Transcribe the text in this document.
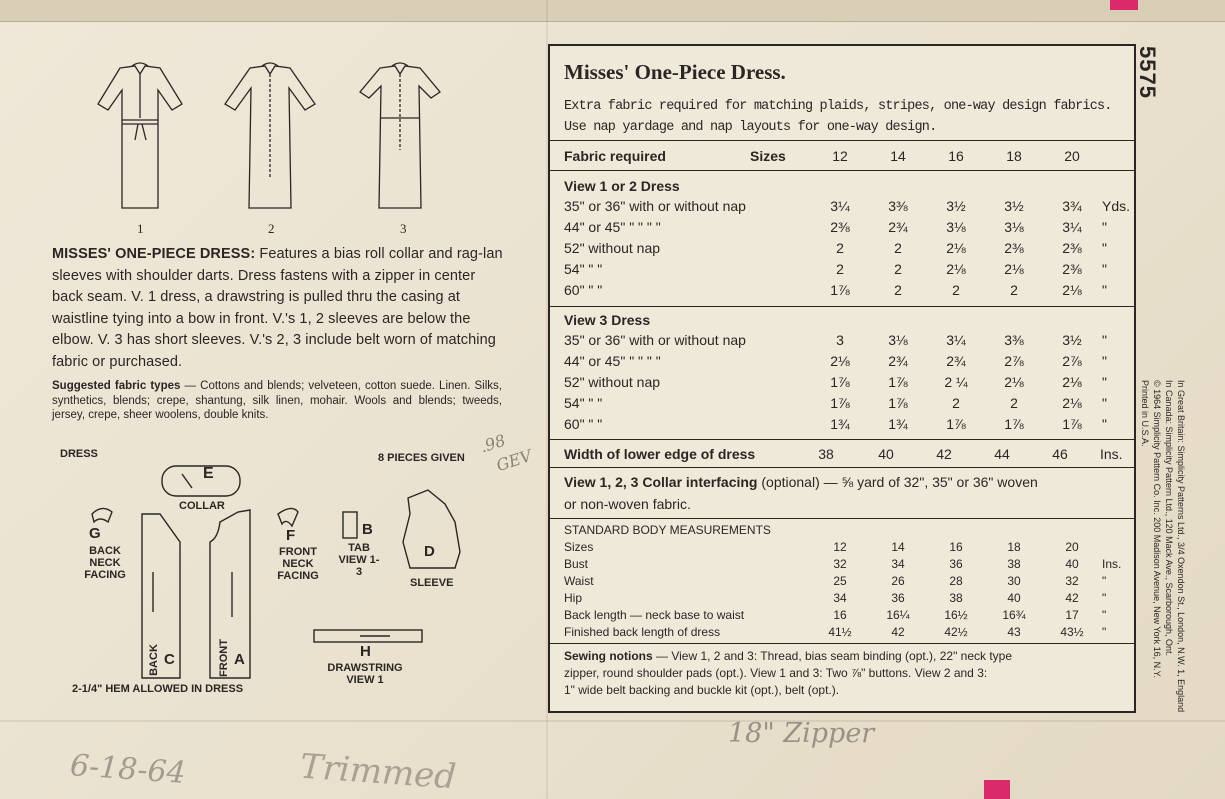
1	2	3
MISSES' ONE-PIECE DRESS: Features a bias roll collar and rag-lan sleeves with shoulder darts. Dress fastens with a zipper in center back seam. V. 1 dress, a drawstring is pulled thru the casing at waistline tying into a bow in front. V.'s 1, 2 sleeves are below the elbow. V. 3 has short sleeves. V.'s 2, 3 include belt worn of matching fabric or purchased.
Suggested fabric types — Cottons and blends; velveteen, cotton suede. Linen. Silks, synthetics, blends; crepe, shantung, silk linen, mohair. Wools and blends; tweeds, jersey, crepe, sheer woolens, double knits.
DRESS	8 PIECES GIVEN
E
COLLAR
G
BACK NECK FACING
F
FRONT NECK FACING
B
TAB VIEW 1-3
D
SLEEVE
C
BACK	A
FRONT	H
DRAWSTRING VIEW 1
2-1/4" HEM ALLOWED IN DRESS
.98
GEV
6-18-64	Trimmed
18" Zipper
Misses' One-Piece Dress.
Extra fabric required for matching plaids, stripes, one-way design fabrics.
Use nap yardage and nap layouts for one-way design.
Fabric required	Sizes	12	14	16	18	20
View 1 or 2 Dress
35" or 36" with or without nap	3¼	3⅜	3½	3½	3¾	Yds.
44" or 45" " " " "	2⅜	2¾	3⅛	3⅛	3¼	"
52" without nap	2	2	2⅛	2⅜	2⅜	"
54" " "	2	2	2⅛	2⅛	2⅜	"
60" " "	1⅞	2	2	2	2⅛	"
View 3 Dress
35" or 36" with or without nap	3	3⅛	3¼	3⅜	3½	"
44" or 45" " " " "	2⅛	2¾	2¾	2⅞	2⅞	"
52" without nap	1⅞	1⅞	2 ¼	2⅛	2⅛	"
54" " "	1⅞	1⅞	2	2	2⅛	"
60" " "	1¾	1¾	1⅞	1⅞	1⅞	"
Width of lower edge of dress	38	40	42	44	46	Ins.
View 1, 2, 3 Collar interfacing (optional) — ⅝ yard of 32", 35" or 36" woven
or non-woven fabric.
STANDARD BODY MEASUREMENTS
Sizes	12	14	16	18	20
Bust	32	34	36	38	40	Ins.
Waist	25	26	28	30	32	"
Hip	34	36	38	40	42	"
Back length — neck base to waist	16	16¼	16½	16¾	17	"
Finished back length of dress	41½	42	42½	43	43½	"
Sewing notions — View 1, 2 and 3: Thread, bias seam binding (opt.), 22" neck type
zipper, round shoulder pads (opt.). View 1 and 3: Two ⅞" buttons. View 2 and 3:
1" wide belt backing and buckle kit (opt.), belt (opt.).
5575
Printed in U.S.A. © 1964 Simplicity Pattern Co. Inc. 200 Madison Avenue, New York 16, N.Y. In Canada: Simplicity Pattern Ltd., 120 Mack Ave., Scarborough, Ont. In Great Britain: Simplicity Patterns Ltd., 3/4 Oxendon St., London, N.W. 1, England
